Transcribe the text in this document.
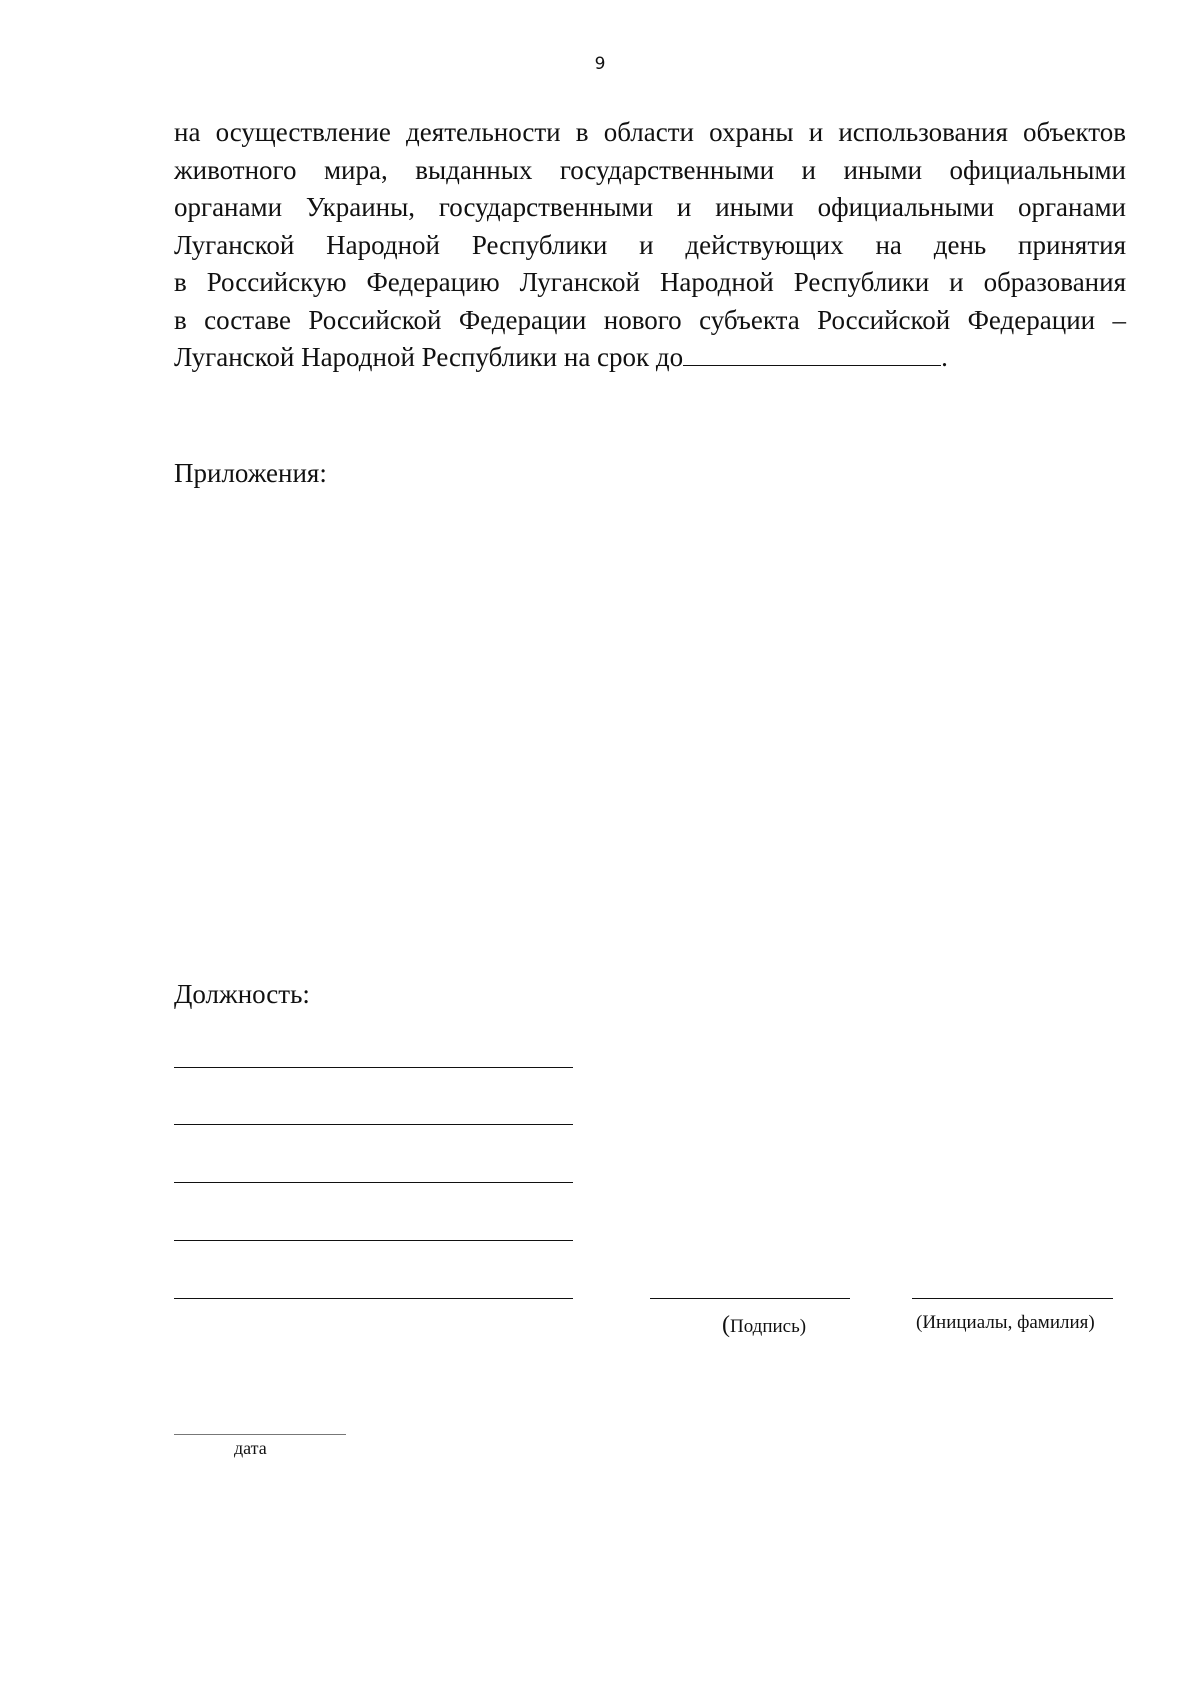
9

на осуществление деятельности в области охраны и использования объектов
животного мира, выданных государственными и иными официальными
органами Украины, государственными и иными официальными органами
Луганской Народной Республики и действующих на день принятия
в Российскую Федерацию Луганской Народной Республики и образования
в составе Российской Федерации нового субъекта Российской Федерации –
Луганской Народной Республики на срок до	.

Приложения:
Должность:
(Подпись)	(Инициалы, фамилия)
дата
